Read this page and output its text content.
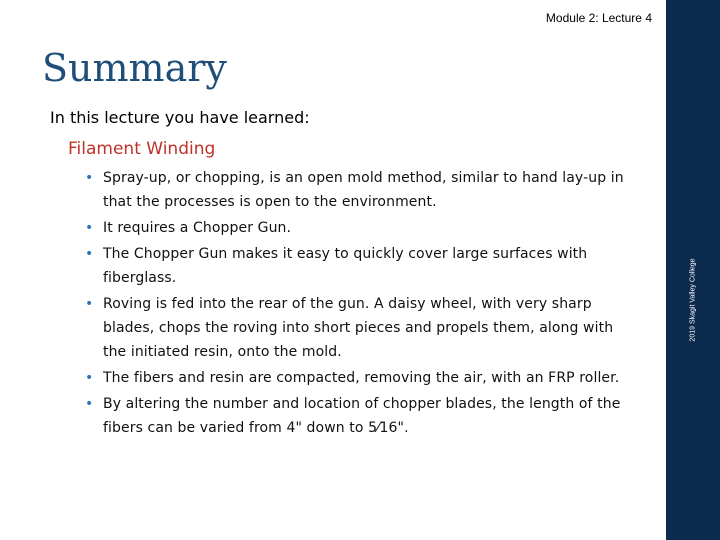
Module 2: Lecture 4
Summary
In this lecture you have learned:
Filament Winding
• Spray-up, or chopping, is an open mold method, similar to hand lay-up in that the processes is open to the environment.
• It requires a Chopper Gun.
• The Chopper Gun makes it easy to quickly cover large surfaces with fiberglass.
• Roving is fed into the rear of the gun. A daisy wheel, with very sharp blades, chops the roving into short pieces and propels them, along with the initiated resin, onto the mold.
• The fibers and resin are compacted, removing the air, with an FRP roller.
• By altering the number and location of chopper blades, the length of the fibers can be varied from 4" down to 5⁄16".
2019 Skagit Valley College
